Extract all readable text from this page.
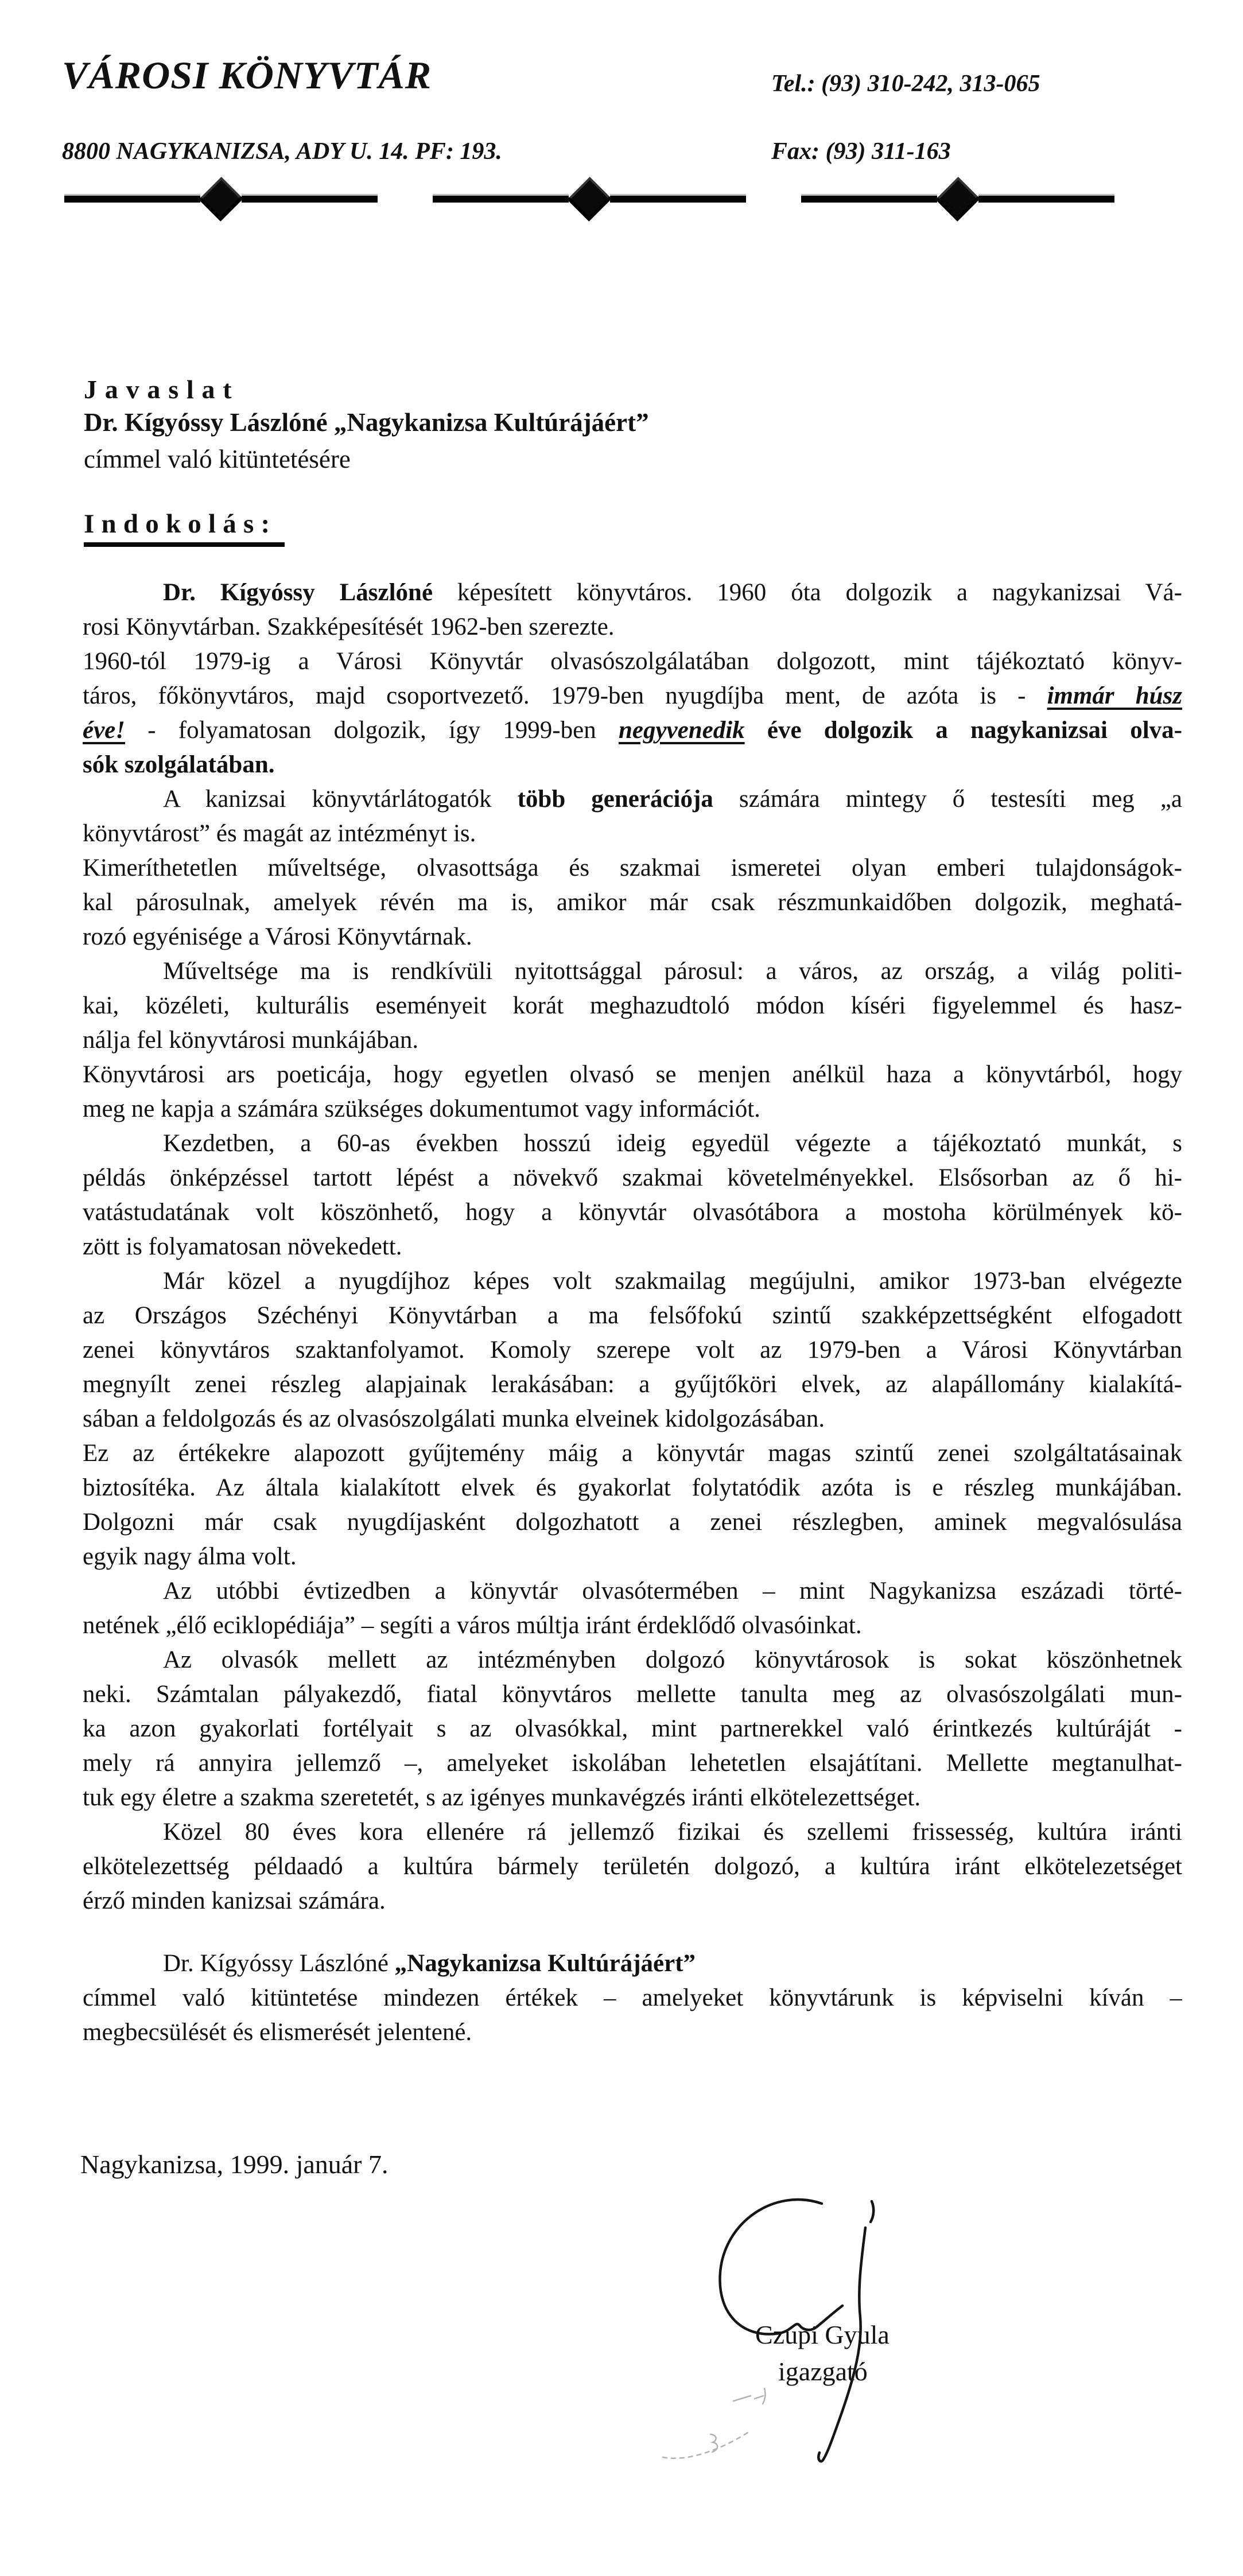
VÁROSI KÖNYVTÁR	Tel.: (93) 310-242, 313-065
8800 NAGYKANIZSA, ADY U. 14. PF: 193.	Fax: (93) 311-163
Javaslat
Dr. Kígyóssy Lászlóné „Nagykanizsa Kultúrájáért”
címmel való kitüntetésére
Indokolás:
Dr. Kígyóssy Lászlóné képesített könyvtáros. 1960 óta dolgozik a nagykanizsai Vá-
rosi Könyvtárban. Szakképesítését 1962-ben szerezte.
1960-tól 1979-ig a Városi Könyvtár olvasószolgálatában dolgozott, mint tájékoztató könyv-
táros, főkönyvtáros, majd csoportvezető. 1979-ben nyugdíjba ment, de azóta is - immár húsz
éve! - folyamatosan dolgozik, így 1999-ben negyvenedik éve dolgozik a nagykanizsai olva-
sók szolgálatában.
A kanizsai könyvtárlátogatók több generációja számára mintegy ő testesíti meg „a
könyvtárost” és magát az intézményt is.
Kimeríthetetlen műveltsége, olvasottsága és szakmai ismeretei olyan emberi tulajdonságok-
kal párosulnak, amelyek révén ma is, amikor már csak részmunkaidőben dolgozik, meghatá-
rozó egyénisége a Városi Könyvtárnak.
Műveltsége ma is rendkívüli nyitottsággal párosul: a város, az ország, a világ politi-
kai, közéleti, kulturális eseményeit korát meghazudtoló módon kíséri figyelemmel és hasz-
nálja fel könyvtárosi munkájában.
Könyvtárosi ars poeticája, hogy egyetlen olvasó se menjen anélkül haza a könyvtárból, hogy
meg ne kapja a számára szükséges dokumentumot vagy információt.
Kezdetben, a 60-as években hosszú ideig egyedül végezte a tájékoztató munkát, s
példás önképzéssel tartott lépést a növekvő szakmai követelményekkel. Elsősorban az ő hi-
vatástudatának volt köszönhető, hogy a könyvtár olvasótábora a mostoha körülmények kö-
zött is folyamatosan növekedett.
Már közel a nyugdíjhoz képes volt szakmailag megújulni, amikor 1973-ban elvégezte
az Országos Széchényi Könyvtárban a ma felsőfokú szintű szakképzettségként elfogadott
zenei könyvtáros szaktanfolyamot. Komoly szerepe volt az 1979-ben a Városi Könyvtárban
megnyílt zenei részleg alapjainak lerakásában: a gyűjtőköri elvek, az alapállomány kialakítá-
sában a feldolgozás és az olvasószolgálati munka elveinek kidolgozásában.
Ez az értékekre alapozott gyűjtemény máig a könyvtár magas szintű zenei szolgáltatásainak
biztosítéka. Az általa kialakított elvek és gyakorlat folytatódik azóta is e részleg munkájában.
Dolgozni már csak nyugdíjasként dolgozhatott a zenei részlegben, aminek megvalósulása
egyik nagy álma volt.
Az utóbbi évtizedben a könyvtár olvasótermében – mint Nagykanizsa eszázadi törté-
netének „élő eciklopédiája” – segíti a város múltja iránt érdeklődő olvasóinkat.
Az olvasók mellett az intézményben dolgozó könyvtárosok is sokat köszönhetnek
neki. Számtalan pályakezdő, fiatal könyvtáros mellette tanulta meg az olvasószolgálati mun-
ka azon gyakorlati fortélyait s az olvasókkal, mint partnerekkel való érintkezés kultúráját -
mely rá annyira jellemző –, amelyeket iskolában lehetetlen elsajátítani. Mellette megtanulhat-
tuk egy életre a szakma szeretetét, s az igényes munkavégzés iránti elkötelezettséget.
Közel 80 éves kora ellenére rá jellemző fizikai és szellemi frissesség, kultúra iránti
elkötelezettség példaadó a kultúra bármely területén dolgozó, a kultúra iránt elkötelezetséget
érző minden kanizsai számára.
Dr. Kígyóssy Lászlóné „Nagykanizsa Kultúrájáért”
címmel való kitüntetése mindezen értékek – amelyeket könyvtárunk is képviselni kíván –
megbecsülését és elismerését jelentené.
Nagykanizsa, 1999. január 7.
Czupi Gyula
igazgató
